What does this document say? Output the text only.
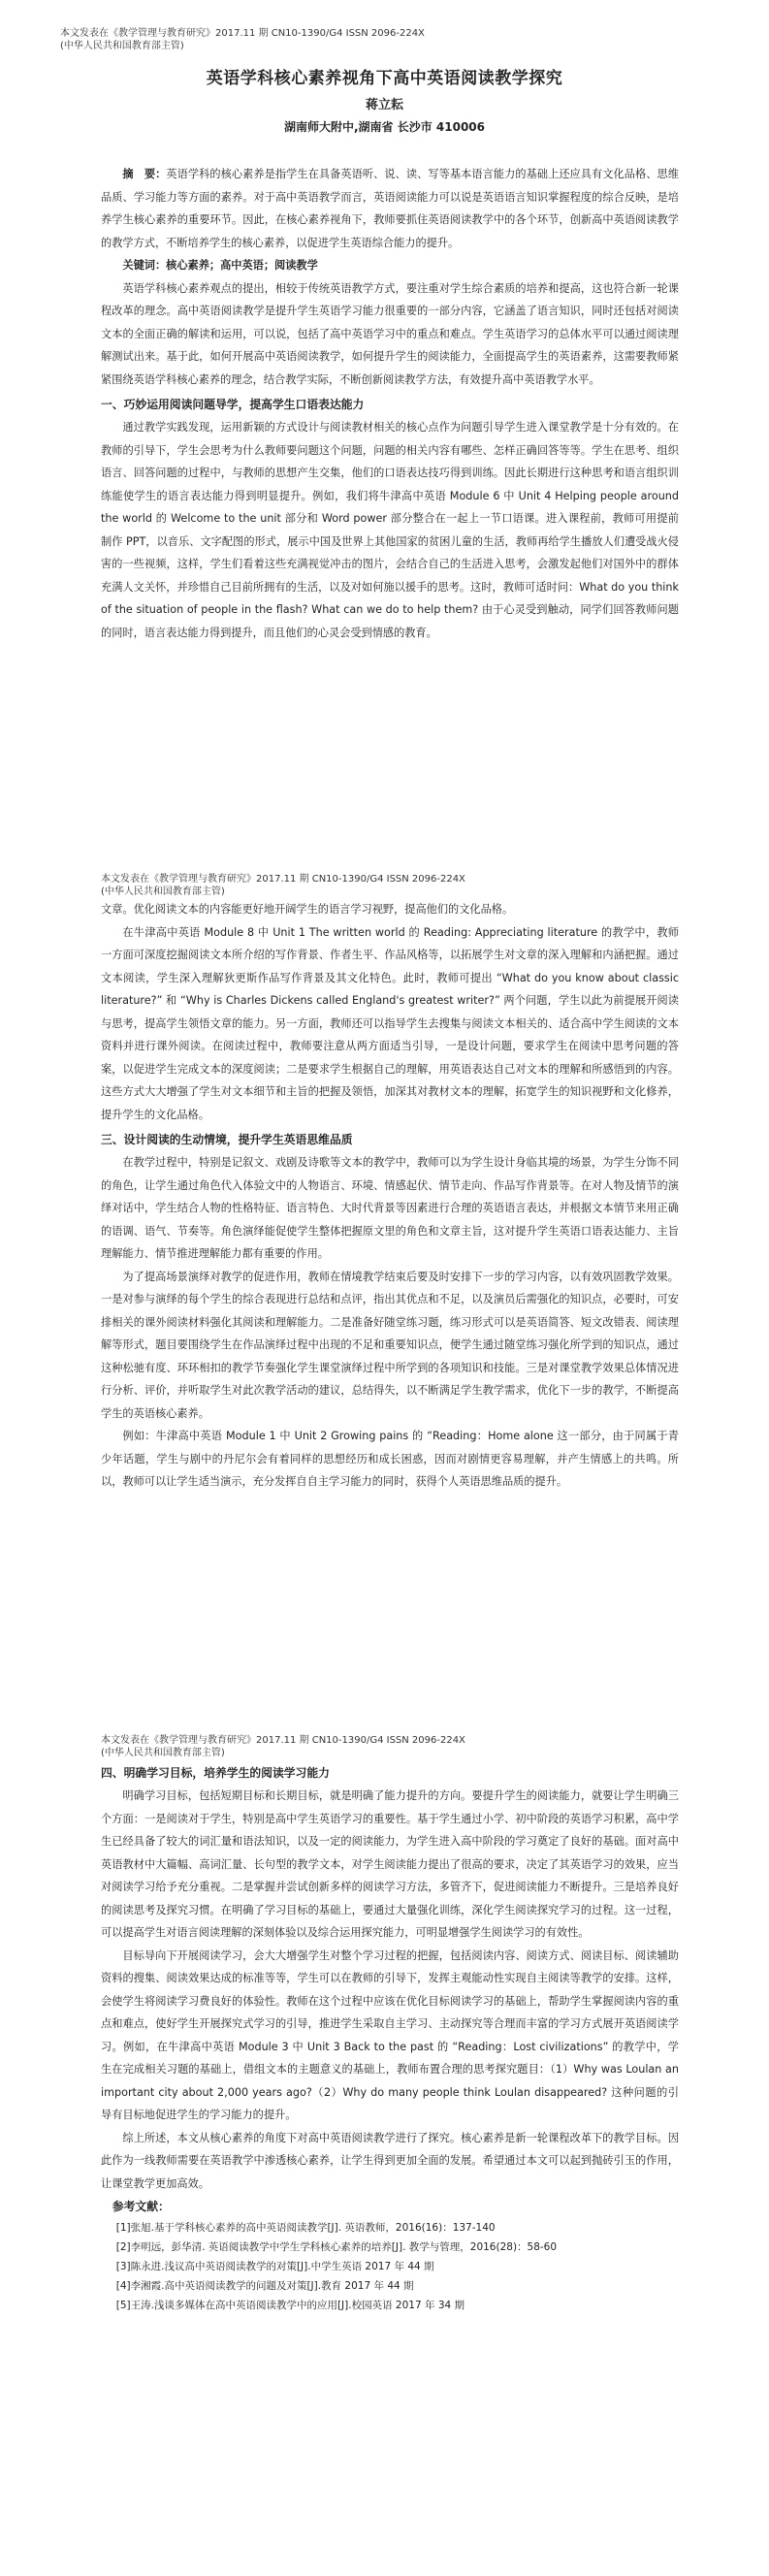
本文发表在《教学管理与教育研究》2017.11 期 CN10-1390/G4 ISSN 2096-224X
(中华人民共和国教育部主管)
英语学科核心素养视角下高中英语阅读教学探究
蒋立耘
湖南师大附中,湖南省 长沙市 410006

摘　要：英语学科的核心素养是指学生在具备英语听、说、读、写等基本语言能力的基础上还应具有文化品格、思维品质、学习能力等方面的素养。对于高中英语教学而言，英语阅读能力可以说是英语语言知识掌握程度的综合反映，是培养学生核心素养的重要环节。因此，在核心素养视角下，教师要抓住英语阅读教学中的各个环节，创新高中英语阅读教学的教学方式，不断培养学生的核心素养，以促进学生英语综合能力的提升。

关键词：核心素养；高中英语；阅读教学

英语学科核心素养观点的提出，相较于传统英语教学方式，要注重对学生综合素质的培养和提高，这也符合新一轮课程改革的理念。高中英语阅读教学是提升学生英语学习能力很重要的一部分内容，它涵盖了语言知识，同时还包括对阅读文本的全面正确的解读和运用，可以说，包括了高中英语学习中的重点和难点。学生英语学习的总体水平可以通过阅读理解测试出来。基于此，如何开展高中英语阅读教学，如何提升学生的阅读能力，全面提高学生的英语素养，这需要教师紧紧围绕英语学科核心素养的理念，结合教学实际，不断创新阅读教学方法，有效提升高中英语教学水平。

一、巧妙运用阅读问题导学，提高学生口语表达能力

通过教学实践发现，运用新颖的方式设计与阅读教材相关的核心点作为问题引导学生进入课堂教学是十分有效的。在教师的引导下，学生会思考为什么教师要问题这个问题，问题的相关内容有哪些、怎样正确回答等等。学生在思考、组织语言、回答问题的过程中，与教师的思想产生交集，他们的口语表达技巧得到训练。因此长期进行这种思考和语言组织训练能使学生的语言表达能力得到明显提升。例如，我们将牛津高中英语 Module 6 中 Unit 4 Helping people around the world 的 Welcome to the unit 部分和 Word power 部分整合在一起上一节口语课。进入课程前，教师可用提前制作 PPT，以音乐、文字配图的形式，展示中国及世界上其他国家的贫困儿童的生活，教师再给学生播放人们遭受战火侵害的一些视频，这样，学生们看着这些充满视觉冲击的图片，会结合自己的生活进入思考，会激发起他们对国外中的群体充满人文关怀，并珍惜自己目前所拥有的生活，以及对如何施以援手的思考。这时，教师可适时问：What do you think of the situation of people in the flash? What can we do to help them? 由于心灵受到触动，同学们回答教师问题的同时，语言表达能力得到提升，而且他们的心灵会受到情感的教育。

本文发表在《教学管理与教育研究》2017.11 期 CN10-1390/G4 ISSN 2096-224X
(中华人民共和国教育部主管)

文章。优化阅读文本的内容能更好地开阔学生的语言学习视野，提高他们的文化品格。

在牛津高中英语 Module 8 中 Unit 1 The written world 的 Reading: Appreciating literature 的教学中，教师一方面可深度挖掘阅读文本所介绍的写作背景、作者生平、作品风格等，以拓展学生对文章的深入理解和内涵把握。通过文本阅读，学生深入理解狄更斯作品写作背景及其文化特色。此时，教师可提出 “What do you know about classic literature?” 和 “Why is Charles Dickens called England's greatest writer?” 两个问题，学生以此为前提展开阅读与思考，提高学生领悟文章的能力。另一方面，教师还可以指导学生去搜集与阅读文本相关的、适合高中学生阅读的文本资料并进行课外阅读。在阅读过程中，教师要注意从两方面适当引导，一是设计问题，要求学生在阅读中思考问题的答案，以促进学生完成文本的深度阅读；二是要求学生根据自己的理解，用英语表达自己对文本的理解和所感悟到的内容。这些方式大大增强了学生对文本细节和主旨的把握及领悟，加深其对教材文本的理解，拓宽学生的知识视野和文化修养，提升学生的文化品格。

三、设计阅读的生动情境，提升学生英语思维品质

在教学过程中，特别是记叙文、戏剧及诗歌等文本的教学中，教师可以为学生设计身临其境的场景，为学生分饰不同的角色，让学生通过角色代入体验文中的人物语言、环境、情感起伏、情节走向、作品写作背景等。在对人物及情节的演绎对话中，学生结合人物的性格特征、语言特色、大时代背景等因素进行合理的英语语言表达，并根据文本情节来用正确的语调、语气、节奏等。角色演绎能促使学生整体把握原文里的角色和文章主旨，这对提升学生英语口语表达能力、主旨理解能力、情节推进理解能力都有重要的作用。

为了提高场景演绎对教学的促进作用，教师在情境教学结束后要及时安排下一步的学习内容，以有效巩固教学效果。一是对参与演绎的每个学生的综合表现进行总结和点评，指出其优点和不足，以及演员后需强化的知识点，必要时，可安排相关的课外阅读材料强化其阅读和理解能力。二是准备好随堂练习题，练习形式可以是英语简答、短文改错表、阅读理解等形式，题目要围绕学生在作品演绎过程中出现的不足和重要知识点，便学生通过随堂练习强化所学到的知识点，通过这种松驰有度、环环相扣的教学节奏强化学生课堂演绎过程中所学到的各项知识和技能。三是对课堂教学效果总体情况进行分析、评价，并听取学生对此次教学活动的建议，总结得失，以不断满足学生教学需求，优化下一步的教学，不断提高学生的英语核心素养。

例如：牛津高中英语 Module 1 中 Unit 2 Growing pains 的 “Reading：Home alone 这一部分，由于同属于青少年话题，学生与剧中的丹尼尔会有着同样的思想经历和成长困惑，因而对剧情更容易理解，并产生情感上的共鸣。所以，教师可以让学生适当演示，充分发挥自自主学习能力的同时，获得个人英语思维品质的提升。

本文发表在《教学管理与教育研究》2017.11 期 CN10-1390/G4 ISSN 2096-224X
(中华人民共和国教育部主管)
四、明确学习目标，培养学生的阅读学习能力

明确学习目标，包括短期目标和长期目标，就是明确了能力提升的方向。要提升学生的阅读能力，就要让学生明确三个方面：一是阅读对于学生，特别是高中学生英语学习的重要性。基于学生通过小学、初中阶段的英语学习积累，高中学生已经具备了较大的词汇量和语法知识，以及一定的阅读能力，为学生进入高中阶段的学习奠定了良好的基础。面对高中英语教材中大篇幅、高词汇量、长句型的教学文本，对学生阅读能力提出了很高的要求，决定了其英语学习的效果，应当对阅读学习给予充分重视。二是掌握并尝试创新多样的阅读学习方法，多管齐下，促进阅读能力不断提升。三是培养良好的阅读思考及探究习惯。在明确了学习目标的基础上，要通过大量强化训练，深化学生阅读探究学习的过程。这一过程，可以提高学生对语言阅读理解的深刻体验以及综合运用探究能力，可明显增强学生阅读学习的有效性。

目标导向下开展阅读学习，会大大增强学生对整个学习过程的把握，包括阅读内容、阅读方式、阅读目标、阅读辅助资料的搜集、阅读效果达成的标准等等，学生可以在教师的引导下，发挥主观能动性实现自主阅读等教学的安排。这样，会使学生将阅读学习费良好的体验性。教师在这个过程中应该在优化目标阅读学习的基础上，帮助学生掌握阅读内容的重点和难点，使好学生开展探究式学习的引导，推进学生采取自主学习、主动探究等合理而丰富的学习方式展开英语阅读学习。例如，在牛津高中英语 Module 3 中 Unit 3 Back to the past 的 “Reading：Lost civilizations” 的教学中，学生在完成相关习题的基础上，借组文本的主题意义的基础上，教师布置合理的思考探究题目：（1）Why was Loulan an important city about 2,000 years ago?（2）Why do many people think Loulan disappeared? 这种问题的引导有目标地促进学生的学习能力的提升。

综上所述，本文从核心素养的角度下对高中英语阅读教学进行了探究。核心素养是新一轮课程改革下的教学目标。因此作为一线教师需要在英语教学中渗透核心素养，让学生得到更加全面的发展。希望通过本文可以起到抛砖引玉的作用，让课堂教学更加高效。

参考文献：

[1]张旭.基于学科核心素养的高中英语阅读教学[J]. 英语教师，2016(16)：137-140

[2]李明远，彭华清. 英语阅读教学中学生学科核心素养的培养[J]. 教学与管理，2016(28)：58-60

[3]陈永进.浅议高中英语阅读教学的对策[J].中学生英语 2017 年 44 期

[4]李湘霞.高中英语阅读教学的问题及对策[J].教育 2017 年 44 期

[5]王涛.浅谈多媒体在高中英语阅读教学中的应用[J].校园英语 2017 年 34 期
